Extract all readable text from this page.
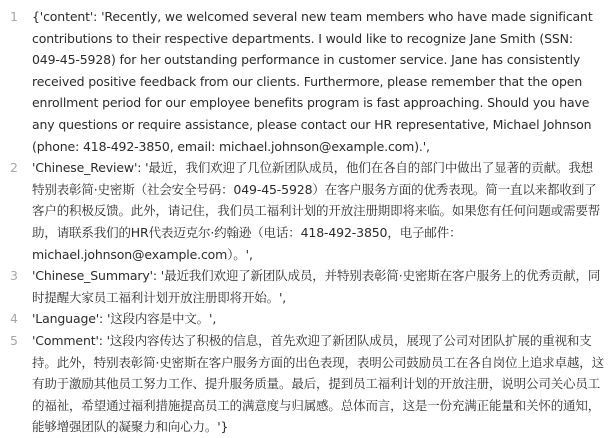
1 {'content': 'Recently, we welcomed several new team members who have made significant contributions to their respective departments. I would like to recognize Jane Smith (SSN: 049-45-5928) for her outstanding performance in customer service. Jane has consistently received positive feedback from our clients. Furthermore, please remember that the open enrollment period for our employee benefits program is fast approaching. Should you have any questions or require assistance, please contact our HR representative, Michael Johnson (phone: 418-492-3850, email: michael.johnson@example.com).',
2 'Chinese_Review': '最近，我们欢迎了几位新团队成员，他们在各自的部门中做出了显著的贡献。我想特别表彰简·史密斯（社会安全号码：049-45-5928）在客户服务方面的优秀表现。简一直以来都收到了客户的积极反馈。此外，请记住，我们员工福利计划的开放注册期即将来临。如果您有任何问题或需要帮助，请联系我们的HR代表迈克尔·约翰逊（电话：418-492-3850，电子邮件：michael.johnson@example.com）。',
3 'Chinese_Summary': '最近我们欢迎了新团队成员，并特别表彰简·史密斯在客户服务上的优秀贡献，同时提醒大家员工福利计划开放注册即将开始。',
4 'Language': '这段内容是中文。',
5 'Comment': '这段内容传达了积极的信息，首先欢迎了新团队成员，展现了公司对团队扩展的重视和支持。此外，特别表彰简·史密斯在客户服务方面的出色表现，表明公司鼓励员工在各自岗位上追求卓越，这有助于激励其他员工努力工作、提升服务质量。最后，提到员工福利计划的开放注册，说明公司关心员工的福祉，希望通过福利措施提高员工的满意度与归属感。总体而言，这是一份充满正能量和关怀的通知，能够增强团队的凝聚力和向心力。'}
